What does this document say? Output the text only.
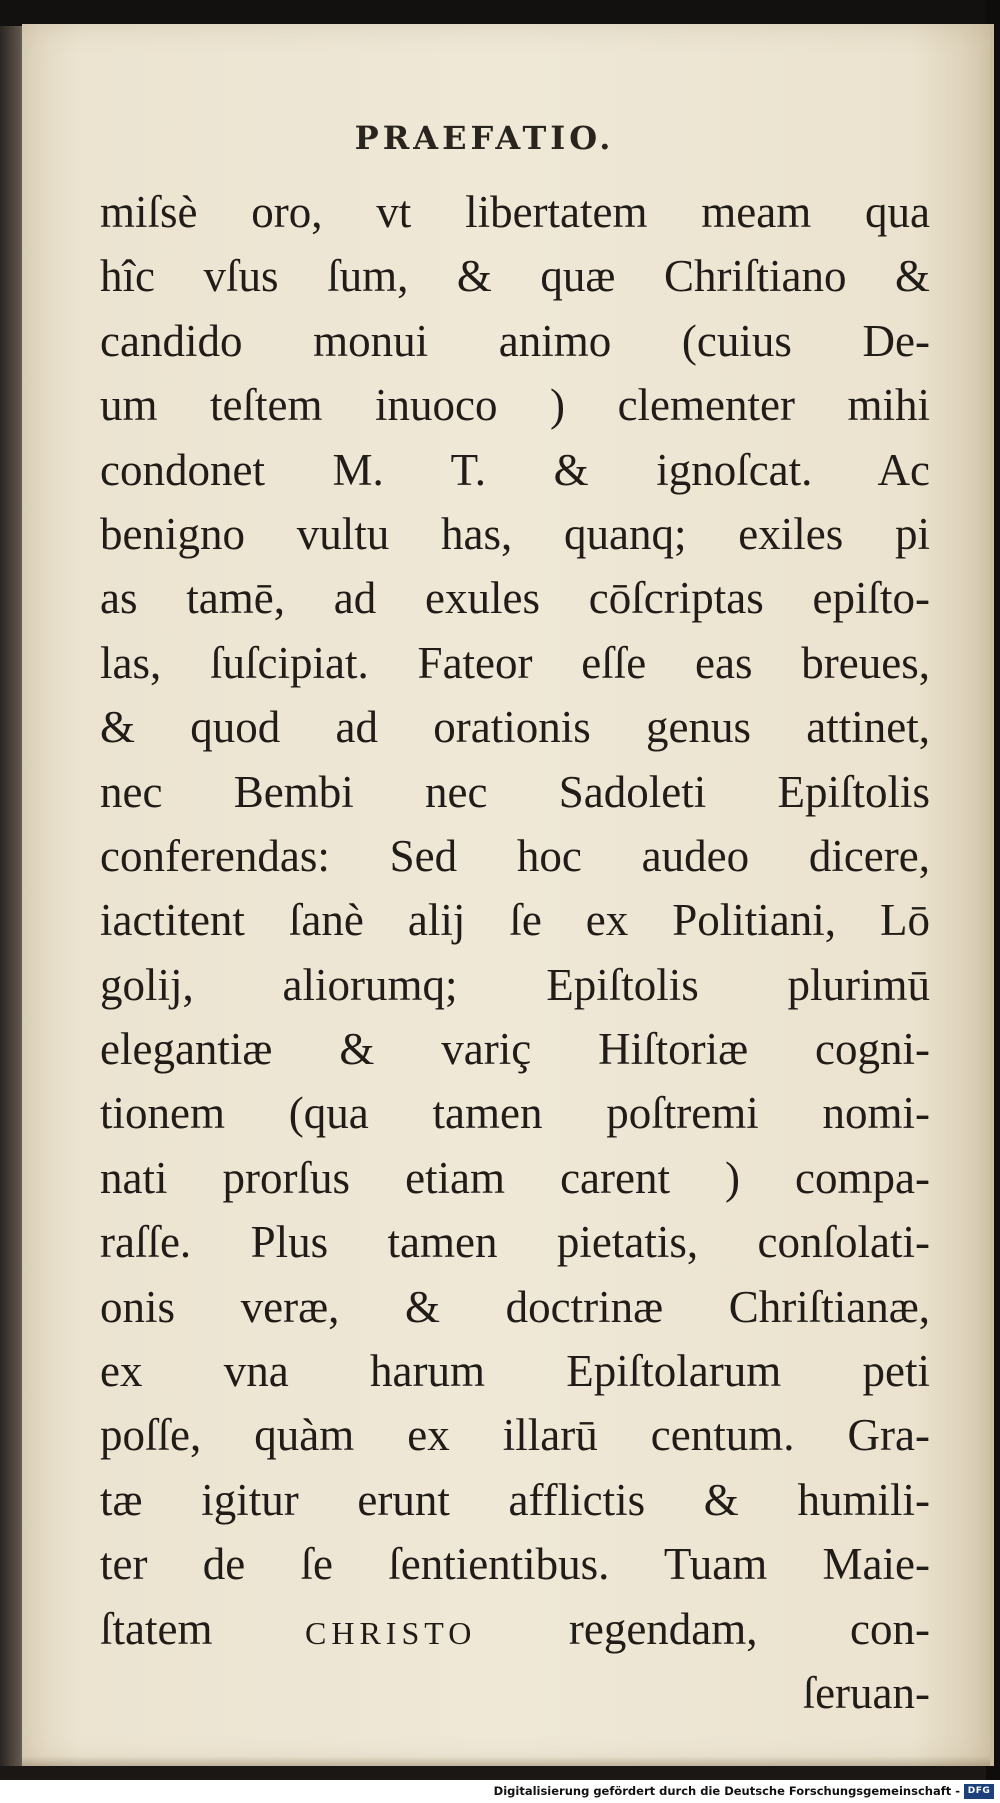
PRAEFATIO.
miſsè oro, vt libertatem meam qua
hîc vſus ſum, & quæ Chriſtiano &
candido monui animo (cuius De-
um teſtem inuoco ) clementer mihi
condonet M. T. & ignoſcat. Ac
benigno vultu has, quanq; exiles pi
as tamē, ad exules cōſcriptas epiſto-
las, ſuſcipiat. Fateor eſſe eas breues,
& quod ad orationis genus attinet,
nec Bembi nec Sadoleti Epiſtolis
conferendas: Sed hoc audeo dicere,
iactitent ſanè alij ſe ex Politiani, Lō
golij, aliorumq; Epiſtolis plurimū
elegantiæ & variç Hiſtoriæ cogni-
tionem (qua tamen poſtremi nomi-
nati prorſus etiam carent ) compa-
raſſe. Plus tamen pietatis, conſolati-
onis veræ, & doctrinæ Chriſtianæ,
ex vna harum Epiſtolarum peti
poſſe, quàm ex illarū centum. Gra-
tæ igitur erunt afflictis & humili-
ter de ſe ſentientibus. Tuam Maie-
ſtatem	CHRISTO regendam, con-
ſeruan-
Digitalisierung gefördert durch die Deutsche Forschungsgemeinschaft - DFG
